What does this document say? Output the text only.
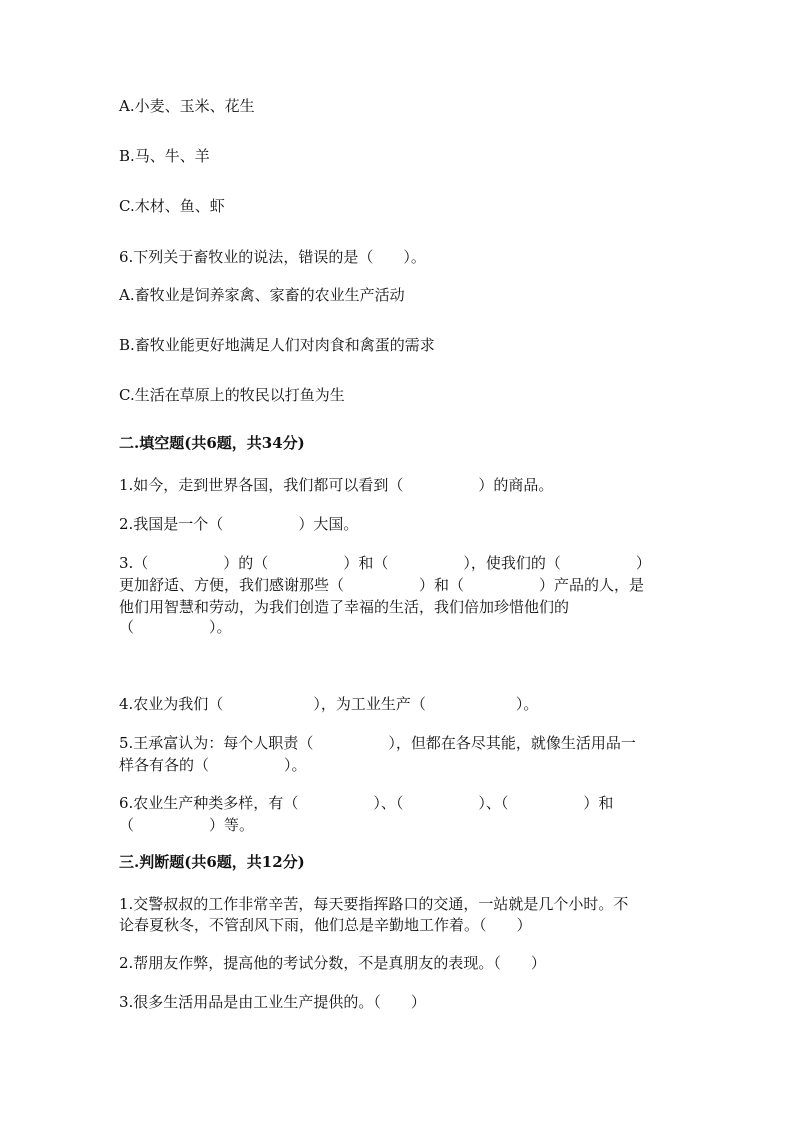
A.小麦、玉米、花生
B.马、牛、羊
C.木材、鱼、虾
6.下列关于畜牧业的说法，错误的是（　　）。
A.畜牧业是饲养家禽、家畜的农业生产活动
B.畜牧业能更好地满足人们对肉食和禽蛋的需求
C.生活在草原上的牧民以打鱼为生
二.填空题(共6题，共34分)
1.如今，走到世界各国，我们都可以看到（　　　　　）的商品。
2.我国是一个（　　　　　）大国。
3.（　　　　　）的（　　　　　）和（　　　　　），使我们的（　　　　　）
更加舒适、方便，我们感谢那些（　　　　　）和（　　　　　）产品的人，是
他们用智慧和劳动，为我们创造了幸福的生活，我们倍加珍惜他们的
（　　　　　）。
4.农业为我们（　　　　　　），为工业生产（　　　　　　）。
5.王承富认为：每个人职责（　　　　　），但都在各尽其能，就像生活用品一
样各有各的（　　　　　）。
6.农业生产种类多样，有（　　　　　）、（　　　　　）、（　　　　　）和
（　　　　　）等。
三.判断题(共6题，共12分)
1.交警叔叔的工作非常辛苦，每天要指挥路口的交通，一站就是几个小时。不
论春夏秋冬，不管刮风下雨，他们总是辛勤地工作着。（　　）
2.帮朋友作弊，提高他的考试分数，不是真朋友的表现。（　　）
3.很多生活用品是由工业生产提供的。（　　）
